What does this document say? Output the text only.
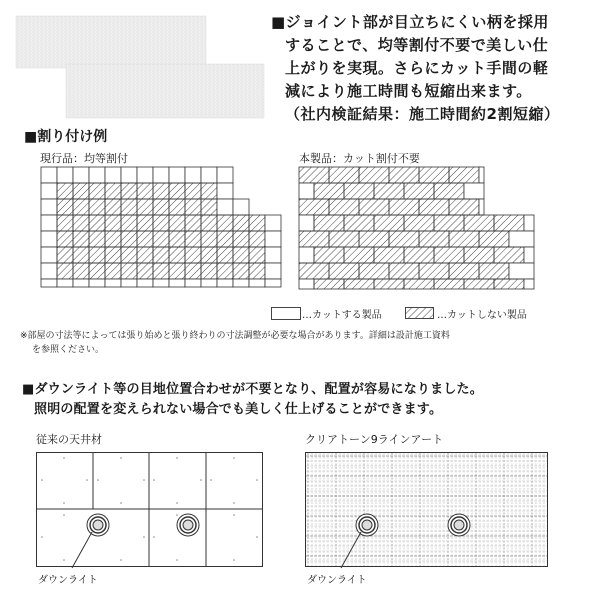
■ジョイント部が目立ちにくい柄を採用
することで、均等割付不要で美しい仕
上がりを実現。さらにカット手間の軽
減により施工時間も短縮出来ます。
（社内検証結果：施工時間約2割短縮）
■割り付け例
現行品：均等割付	本製品：カット割付不要
…カットする製品	…カットしない製品
※部屋の寸法等によっては張り始めと張り終わりの寸法調整が必要な場合があります。詳細は設計施工資料
を参照ください。
■ダウンライト等の目地位置合わせが不要となり、配置が容易になりました。
照明の配置を変えられない場合でも美しく仕上げることができます。
従来の天井材	クリアトーン9ラインアート
ダウンライト	ダウンライト
